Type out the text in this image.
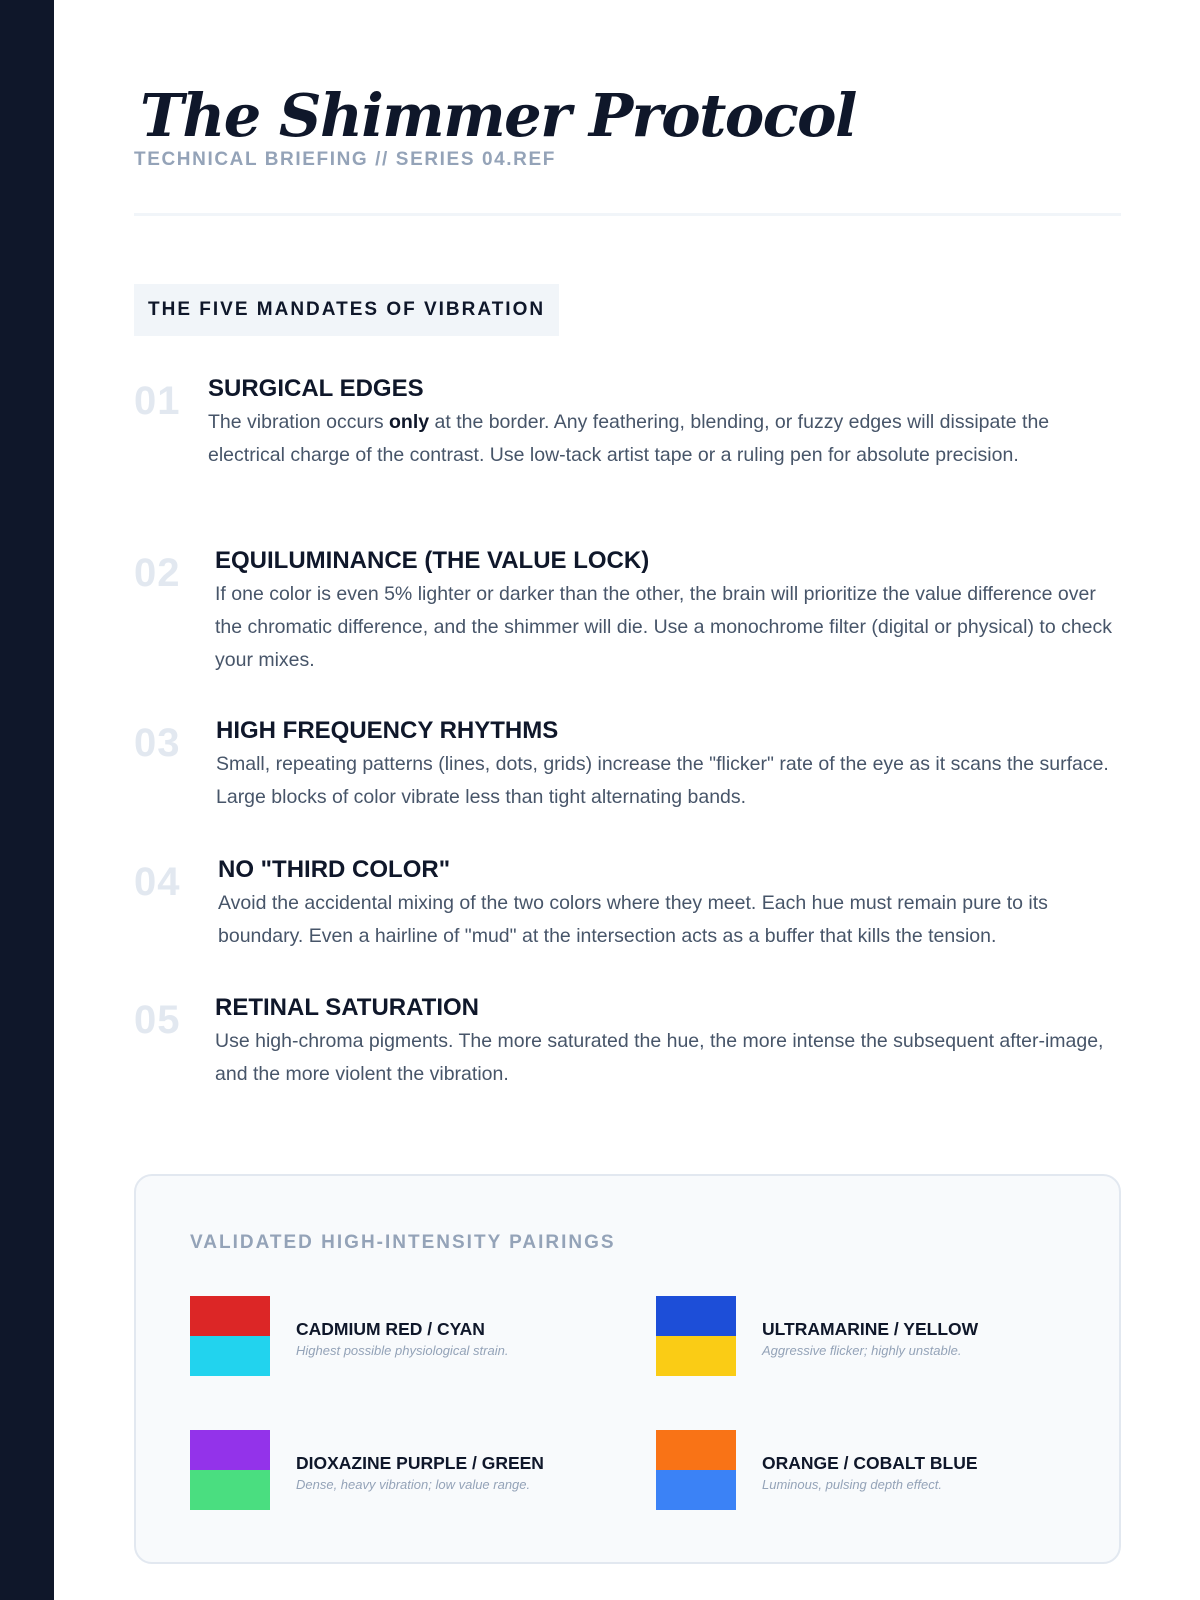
The Shimmer Protocol
TECHNICAL BRIEFING // SERIES 04.REF
THE FIVE MANDATES OF VIBRATION
01 SURGICAL EDGES

The vibration occurs only at the border. Any feathering, blending, or fuzzy edges will dissipate the electrical charge of the contrast. Use low-tack artist tape or a ruling pen for absolute precision.

02 EQUILUMINANCE (THE VALUE LOCK)

If one color is even 5% lighter or darker than the other, the brain will prioritize the value difference over the chromatic difference, and the shimmer will die. Use a monochrome filter (digital or physical) to check your mixes.

03 HIGH FREQUENCY RHYTHMS

Small, repeating patterns (lines, dots, grids) increase the "flicker" rate of the eye as it scans the surface. Large blocks of color vibrate less than tight alternating bands.

04 NO "THIRD COLOR"

Avoid the accidental mixing of the two colors where they meet. Each hue must remain pure to its boundary. Even a hairline of "mud" at the intersection acts as a buffer that kills the tension.

05 RETINAL SATURATION

Use high-chroma pigments. The more saturated the hue, the more intense the subsequent after-image, and the more violent the vibration.

VALIDATED HIGH-INTENSITY PAIRINGS
CADMIUM RED / CYAN
Highest possible physiological strain.
ULTRAMARINE / YELLOW
Aggressive flicker; highly unstable.
DIOXAZINE PURPLE / GREEN
Dense, heavy vibration; low value range.
ORANGE / COBALT BLUE
Luminous, pulsing depth effect.
